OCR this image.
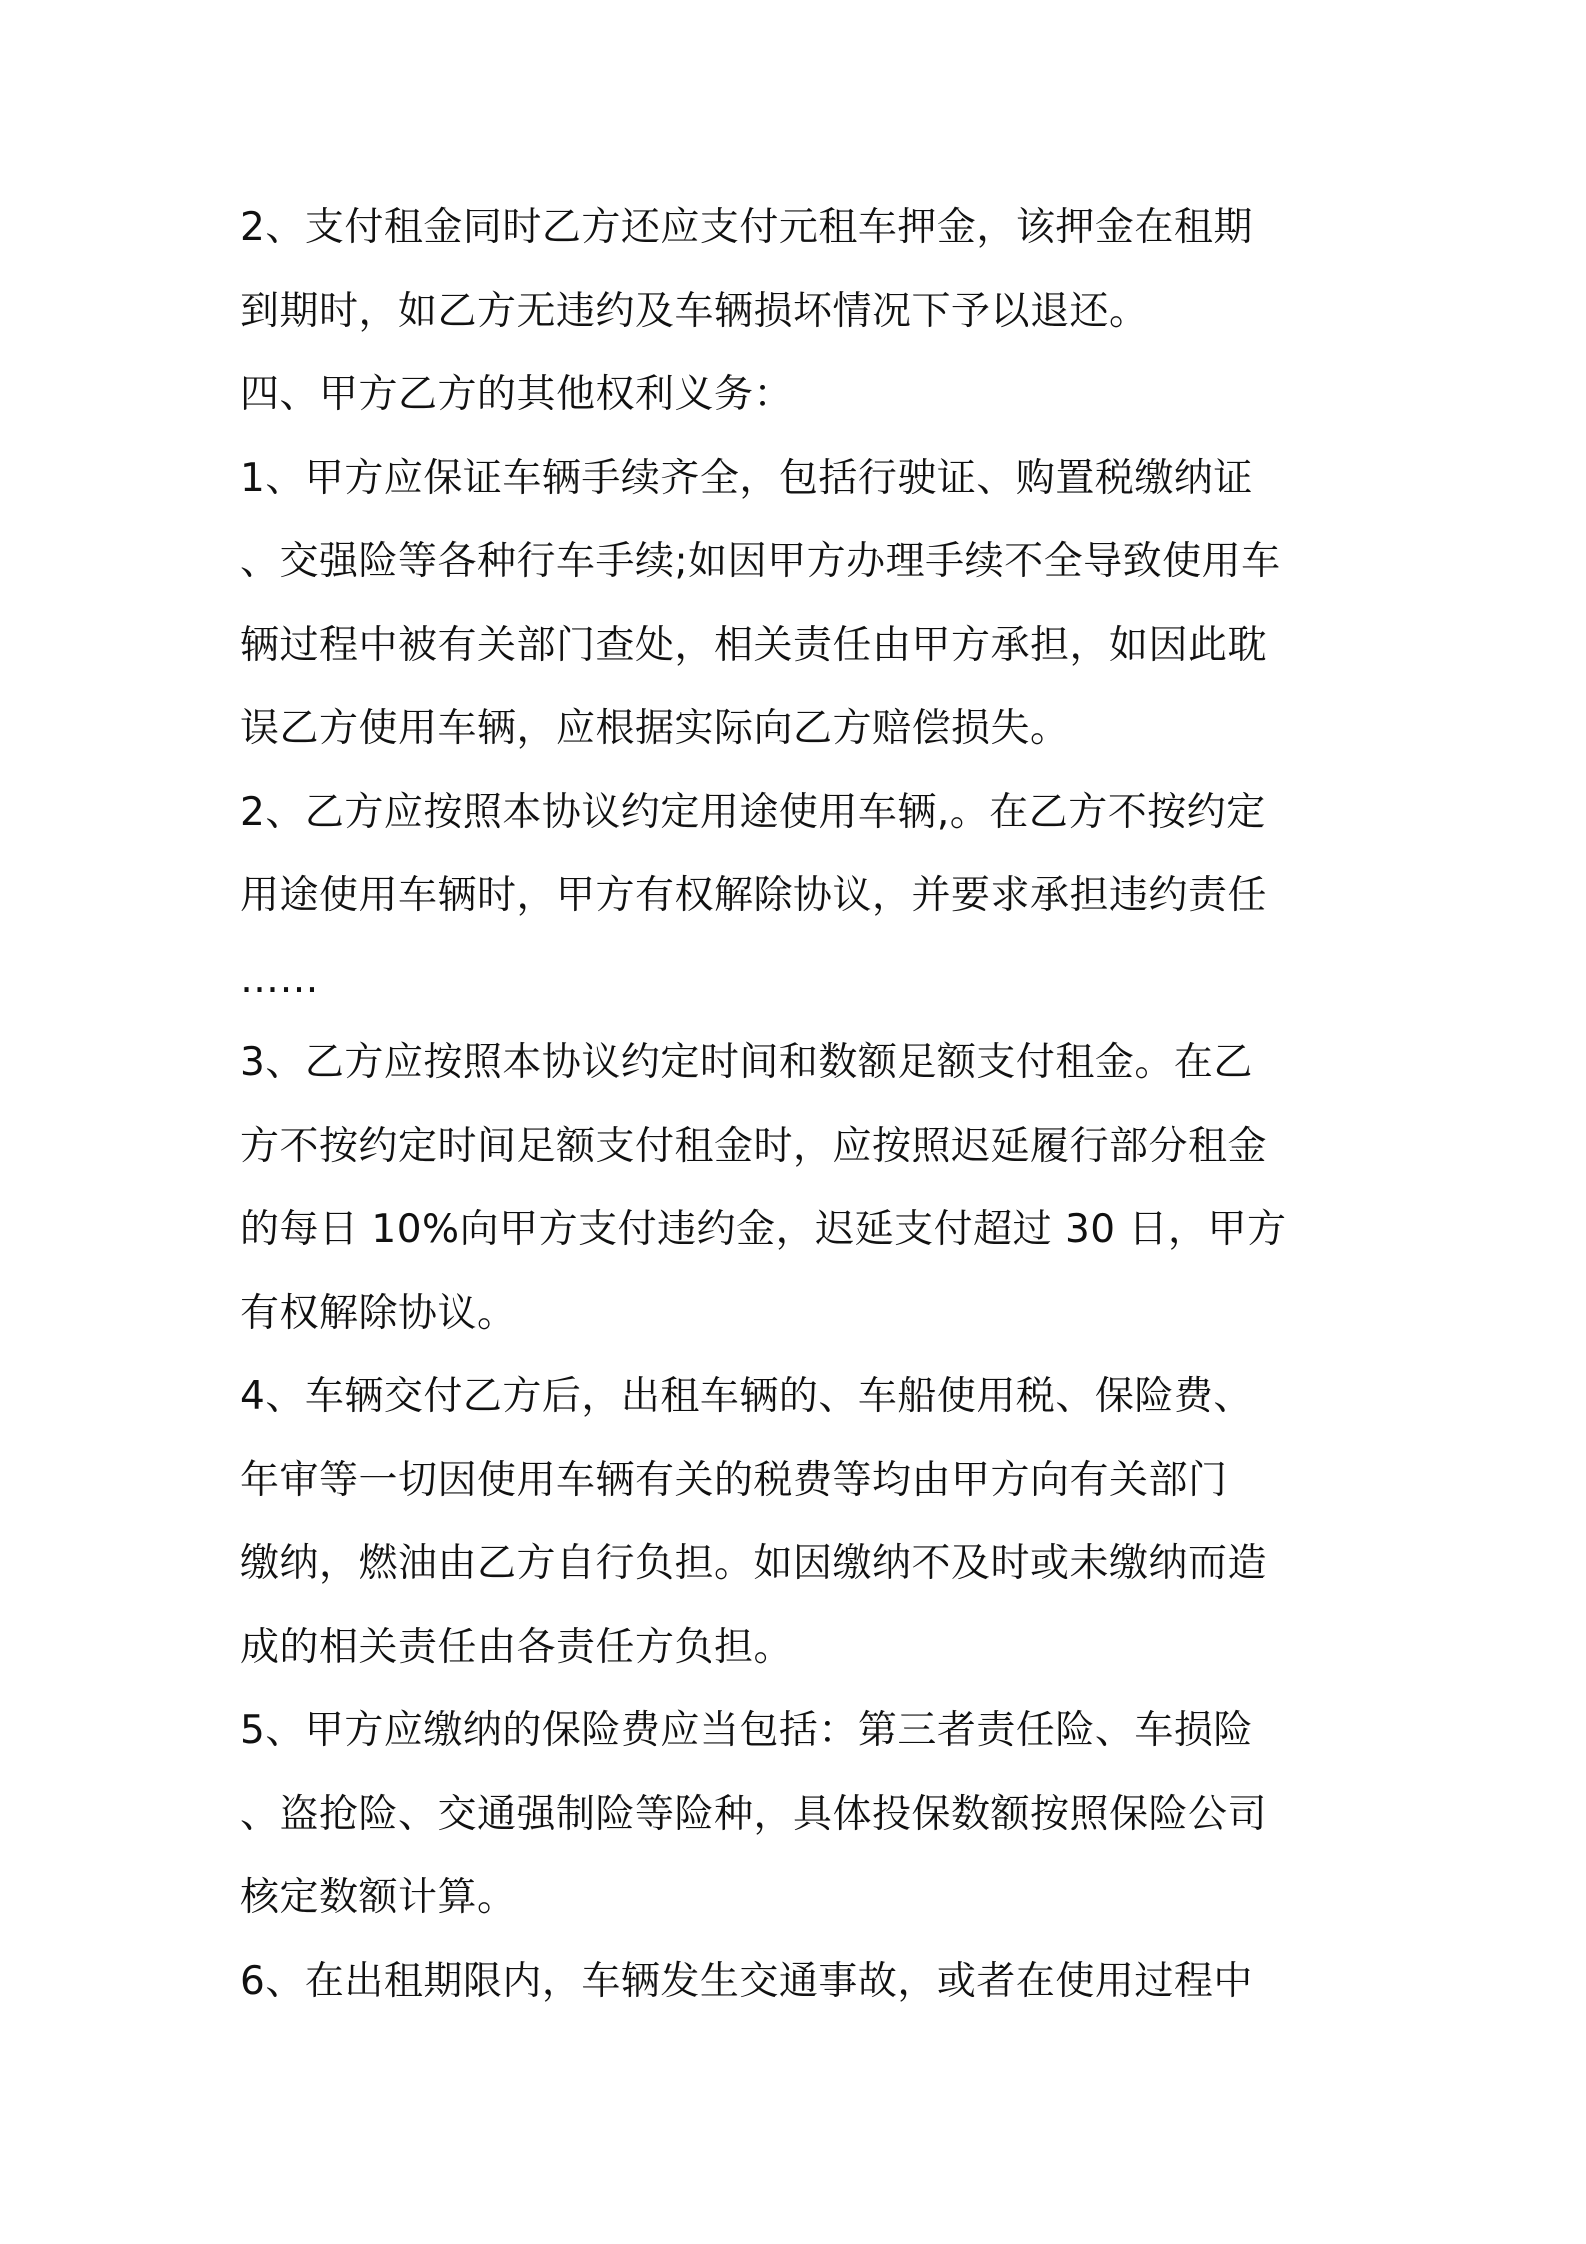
2、支付租金同时乙方还应支付元租车押金，该押金在租期
到期时，如乙方无违约及车辆损坏情况下予以退还。
四、甲方乙方的其他权利义务：
1、甲方应保证车辆手续齐全，包括行驶证、购置税缴纳证
、交强险等各种行车手续;如因甲方办理手续不全导致使用车
辆过程中被有关部门查处，相关责任由甲方承担，如因此耽
误乙方使用车辆，应根据实际向乙方赔偿损失。
2、乙方应按照本协议约定用途使用车辆,。在乙方不按约定
用途使用车辆时，甲方有权解除协议，并要求承担违约责任
……
3、乙方应按照本协议约定时间和数额足额支付租金。在乙
方不按约定时间足额支付租金时，应按照迟延履行部分租金
的每日 10%向甲方支付违约金，迟延支付超过 30 日，甲方
有权解除协议。
4、车辆交付乙方后，出租车辆的、车船使用税、保险费、
年审等一切因使用车辆有关的税费等均由甲方向有关部门
缴纳，燃油由乙方自行负担。如因缴纳不及时或未缴纳而造
成的相关责任由各责任方负担。
5、甲方应缴纳的保险费应当包括：第三者责任险、车损险
、盗抢险、交通强制险等险种，具体投保数额按照保险公司
核定数额计算。
6、在出租期限内，车辆发生交通事故，或者在使用过程中
